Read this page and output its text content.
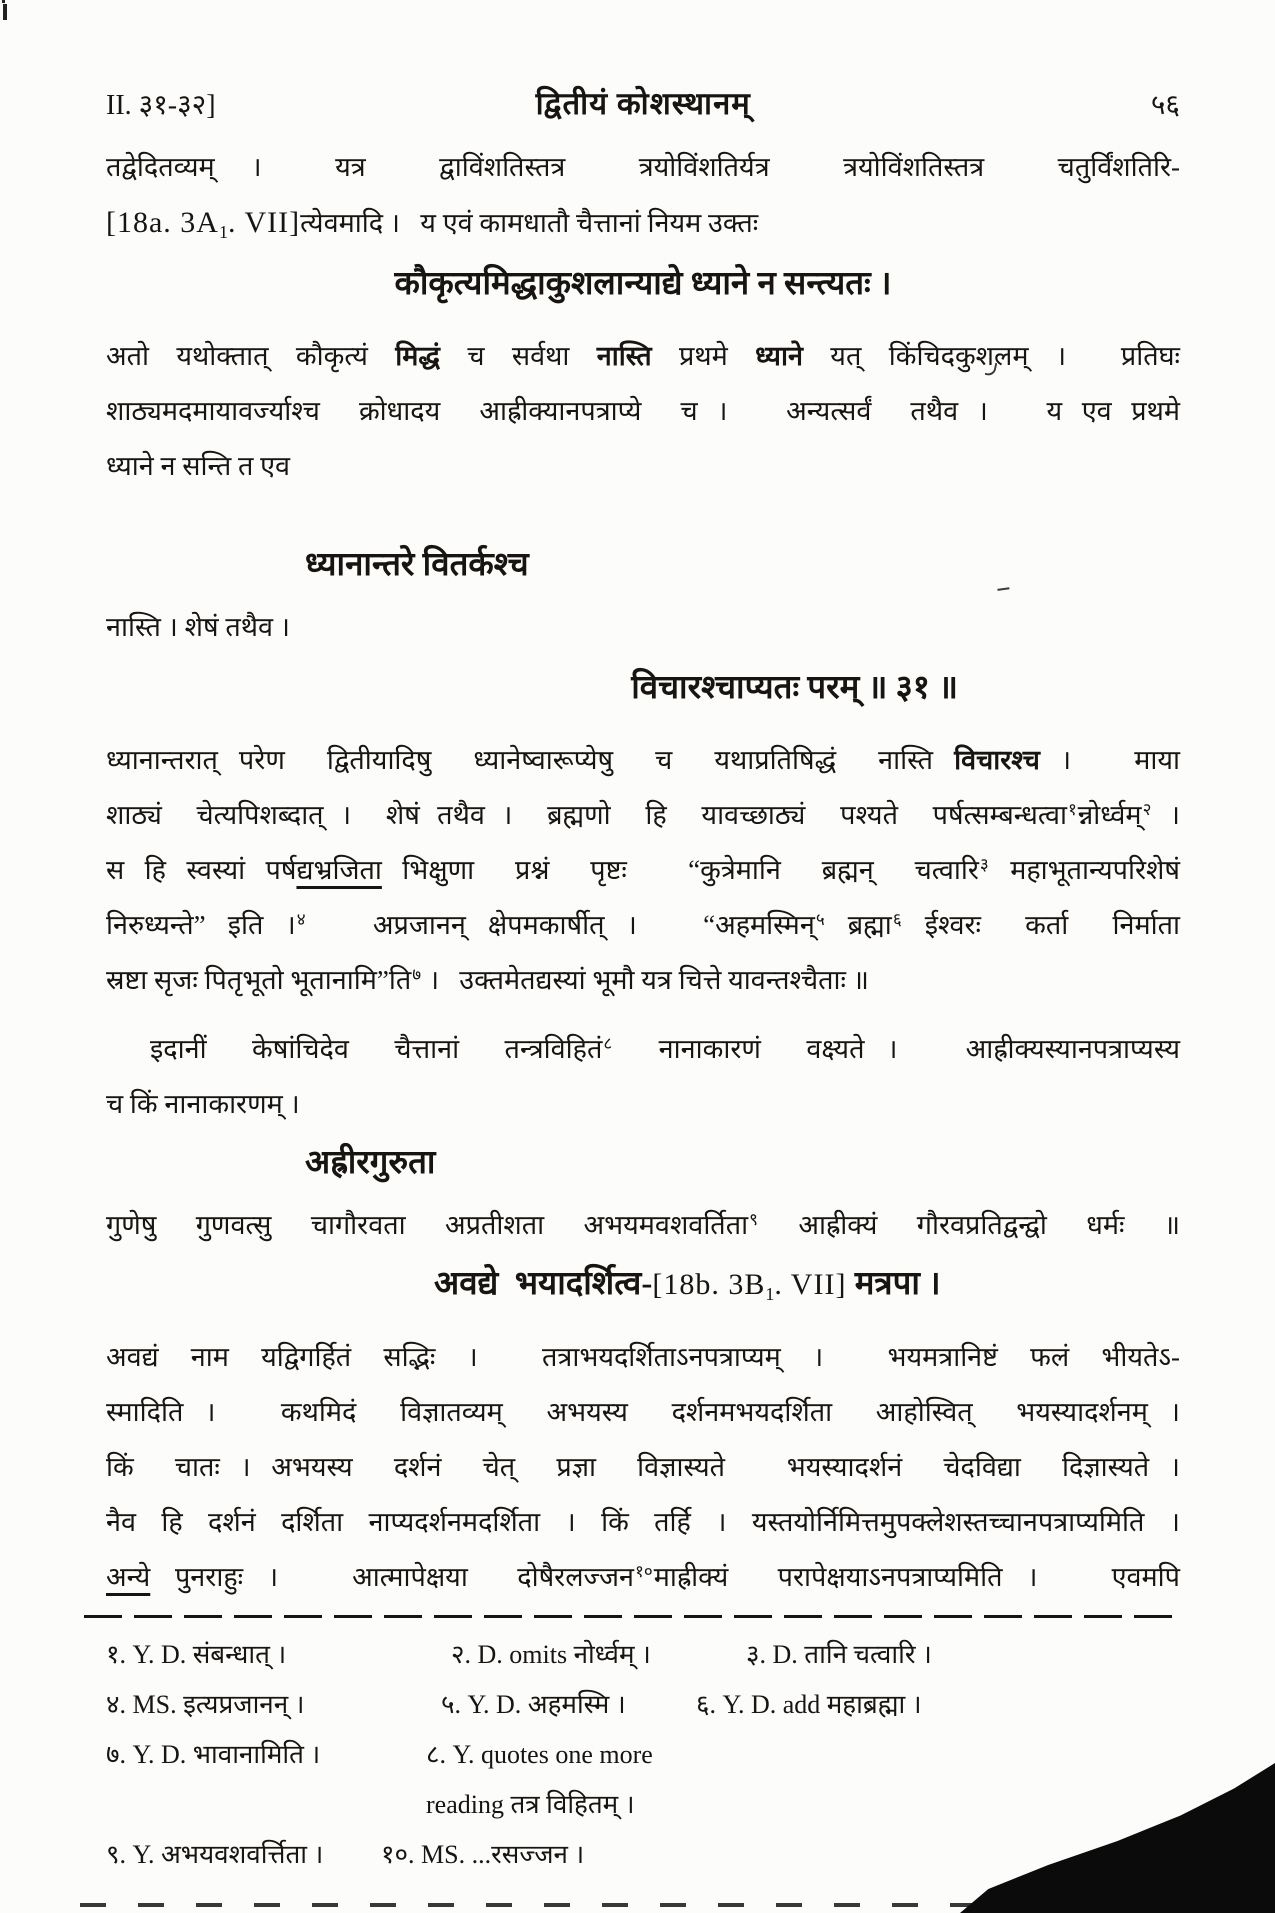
II. ३१-३२]	द्वितीयं कोशस्थानम्	५६
तद्वेदितव्यम् ।  यत्र  द्वाविंशतिस्तत्र  त्रयोविंशतिर्यत्र  त्रयोविंशतिस्तत्र  चतुर्विंशतिरि-
[18a. $3A_1$. VII]त्येवमादि ।   य एवं कामधातौ चैत्तानां नियम उक्तः
कौकृत्यमिद्धाकुशलान्याद्ये ध्याने न सन्त्यतः ।
अतो यथोक्तात् कौकृत्यं मिद्धं च सर्वथा नास्ति प्रथमे ध्याने यत् किंचिदकुशलम् ।  प्रतिघः
शाठ्यमदमायावर्ज्याश्च  क्रोधादय  आह्रीक्यानपत्राप्ये  च ।   अन्यत्सर्वं  तथैव ।   य एव प्रथमे
ध्याने न सन्ति त एव
ध्यानान्तरे वितर्कश्च
नास्ति । शेषं तथैव ।
विचारश्चाप्यतः परम् ॥ ३१ ॥
ध्यानान्तरात् परेण  द्वितीयादिषु  ध्यानेष्वारूप्येषु  च  यथाप्रतिषिद्धं  नास्ति विचारश्च ।   माया
शाठ्यं  चेत्यपिशब्दात् ।  शेषं तथैव ।  ब्रह्मणो  हि  यावच्छाठ्यं  पश्यते  पर्षत्सम्बन्धत्वा$^१$न्नोर्ध्वम्$^२$ ।
स हि स्वस्यां पर्षद्यभ्रजिता भिक्षुणा  प्रश्नं  पृष्टः   “कुत्रेमानि  ब्रह्मन्  चत्वारि$^३$ महाभूतान्यपरिशेषं
निरुध्यन्ते” इति ।$^४$   अप्रजानन् क्षेपमकार्षीत् ।   “अहमस्मिन्$^५$ ब्रह्मा$^६$ ईश्वरः  कर्ता  निर्माता
स्रष्टा सृजः पितृभूतो भूतानामि”ति$^७$ ।   उक्तमेतद्यस्यां भूमौ यत्र चित्ते यावन्तश्चैताः ॥
इदानीं  केषांचिदेव  चैत्तानां  तन्त्रविहितं$^८$  नानाकारणं  वक्ष्यते ।   आह्रीक्यस्यानपत्राप्यस्य
च किं नानाकारणम् ।
अह्रीरगुरुता
गुणेषु गुणवत्सु चागौरवता अप्रतीशता अभयमवशवर्तिता$^९$ आह्रीक्यं गौरवप्रतिद्वन्द्वो धर्मः ॥
अवद्ये  भयादर्शित्व-[18b. 3B1. VII] मत्रपा ।
अवद्यं नाम यद्विगर्हितं सद्भिः ।  तत्राभयदर्शिताऽनपत्राप्यम् ।  भयमत्रानिष्टं फलं भीयतेऽ-
स्मादिति ।   कथमिदं  विज्ञातव्यम्  अभयस्य  दर्शनमभयदर्शिता  आहोस्वित्  भयस्यादर्शनम् ।
किं  चातः । अभयस्य  दर्शनं  चेत्  प्रज्ञा  विज्ञास्यते   भयस्यादर्शनं  चेदविद्या  दिज्ञास्यते ।
नैव हि दर्शनं दर्शिता नाप्यदर्शनमदर्शिता । किं तर्हि । यस्तयोर्निमित्तमुपक्लेशस्तच्चानपत्राप्यमिति ।
अन्ये पुनराहुः ।   आत्मापेक्षया  दोषैरलज्जन$^{१०}$माह्रीक्यं  परापेक्षयाऽनपत्राप्यमिति ।   एवमपि
१. Y. D. संबन्धात् ।	२. D. omits नोर्ध्वम् ।	३. D. तानि चत्वारि ।
४. MS. इत्यप्रजानन् ।	५. Y. D. अहमस्मि ।	६. Y. D. add महाब्रह्मा ।
७. Y. D. भावानामिति ।	८. Y. quotes one more reading तत्र विहितम् ।
९. Y. अभयवशवर्त्तिता ।	१०. MS. ...रसज्जन ।
